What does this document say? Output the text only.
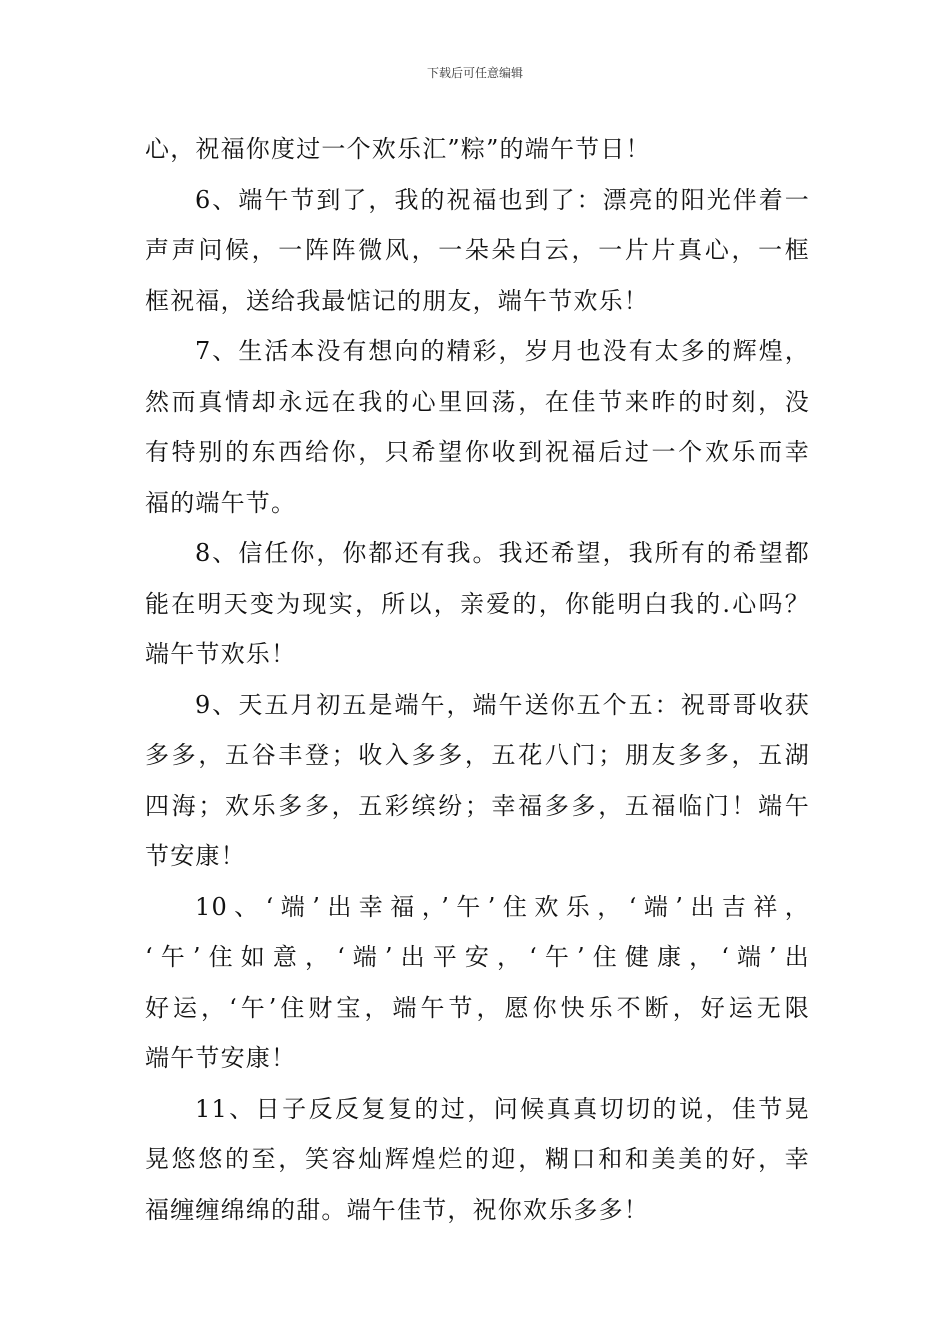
下载后可任意编辑
心，祝福你度过一个欢乐汇”粽”的端午节日！
6、端午节到了，我的祝福也到了：漂亮的阳光伴着一
声声问候，一阵阵微风，一朵朵白云，一片片真心，一框
框祝福，送给我最惦记的朋友，端午节欢乐！
7、生活本没有想向的精彩，岁月也没有太多的辉煌，
然而真情却永远在我的心里回荡，在佳节来昨的时刻，没
有特别的东西给你，只希望你收到祝福后过一个欢乐而幸
福的端午节。
8、信任你，你都还有我。我还希望，我所有的希望都
能在明天变为现实，所以，亲爱的，你能明白我的.心吗？
端午节欢乐！
9、天五月初五是端午，端午送你五个五：祝哥哥收获
多多，五谷丰登；收入多多，五花八门；朋友多多，五湖
四海；欢乐多多，五彩缤纷；幸福多多，五福临门！端午
节安康！
10、‘端’出幸福，’午’住欢乐，‘端’出吉祥，
‘午’住如意，‘端’出平安，‘午’住健康，‘端’出
好运，‘午’住财宝，端午节，愿你快乐不断，好运无限
端午节安康！
11、日子反反复复的过，问候真真切切的说，佳节晃
晃悠悠的至，笑容灿辉煌烂的迎，糊口和和美美的好，幸
福缠缠绵绵的甜。端午佳节，祝你欢乐多多！
